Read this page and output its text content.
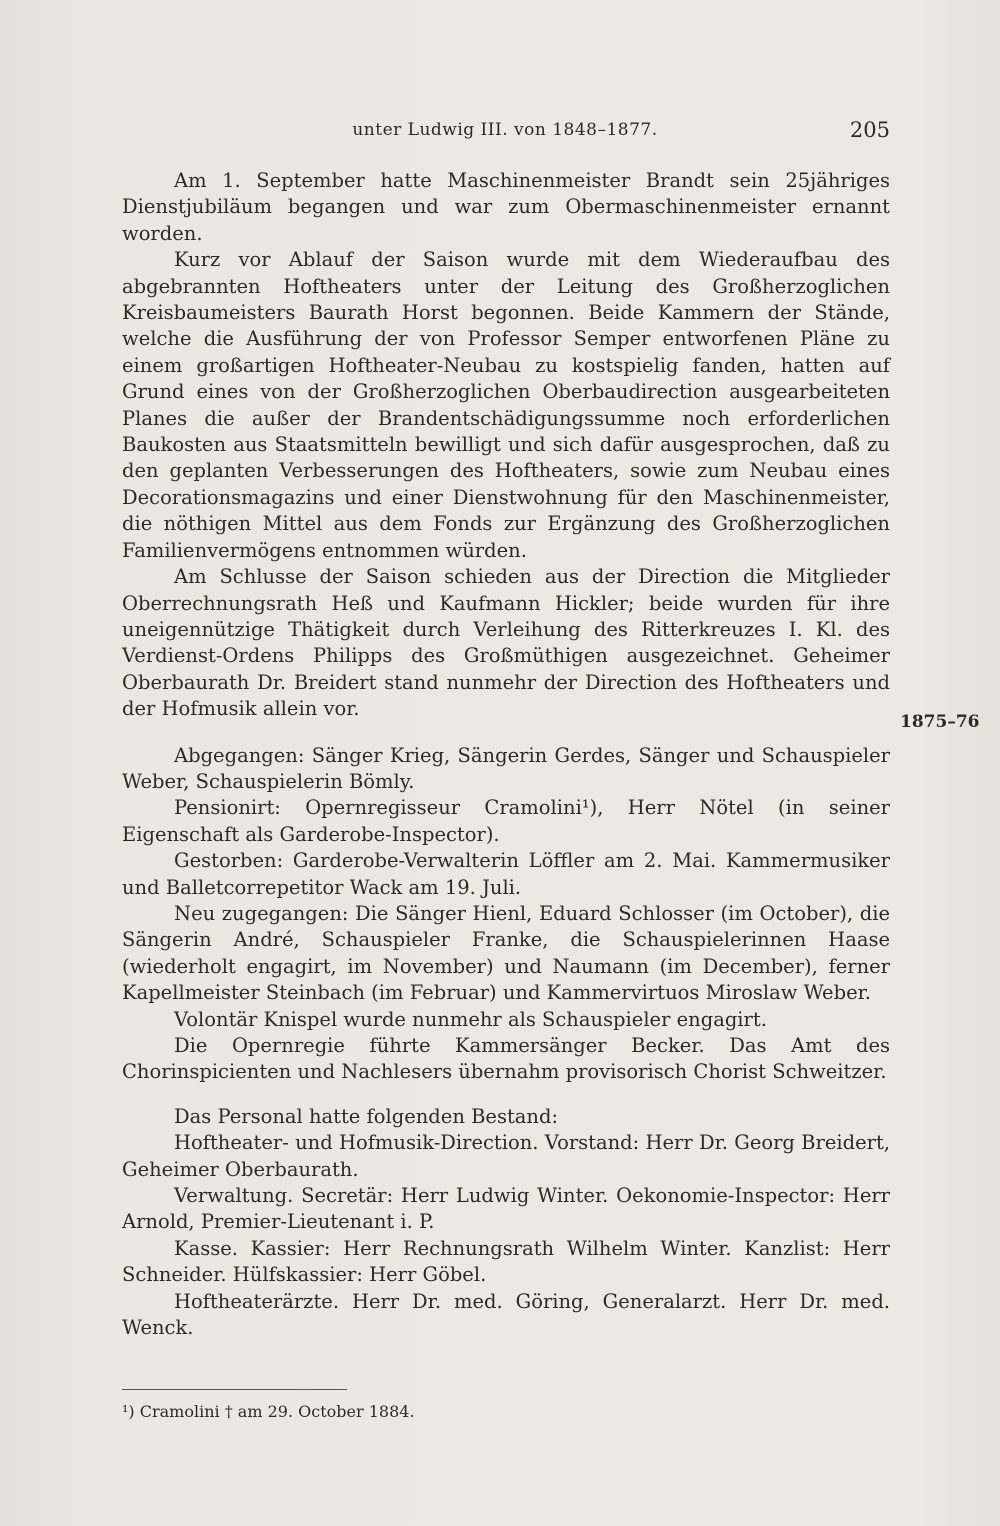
unter Ludwig III. von 1848–1877.	205
1875–76

Am 1. September hatte Maschinenmeister Brandt sein 25jähriges Dienstjubiläum begangen und war zum Obermaschinenmeister ernannt worden.

Kurz vor Ablauf der Saison wurde mit dem Wiederaufbau des abgebrannten Hoftheaters unter der Leitung des Großherzoglichen Kreisbaumeisters Baurath Horst begonnen. Beide Kammern der Stände, welche die Ausführung der von Professor Semper entworfenen Pläne zu einem großartigen Hoftheater-Neubau zu kostspielig fanden, hatten auf Grund eines von der Großherzoglichen Oberbaudirection ausgearbeiteten Planes die außer der Brandentschädigungssumme noch erforderlichen Baukosten aus Staatsmitteln bewilligt und sich dafür ausgesprochen, daß zu den geplanten Verbesserungen des Hoftheaters, sowie zum Neubau eines Decorationsmagazins und einer Dienstwohnung für den Maschinenmeister, die nöthigen Mittel aus dem Fonds zur Ergänzung des Großherzoglichen Familienvermögens entnommen würden.

Am Schlusse der Saison schieden aus der Direction die Mitglieder Oberrechnungsrath Heß und Kaufmann Hickler; beide wurden für ihre uneigennützige Thätigkeit durch Verleihung des Ritterkreuzes I. Kl. des Verdienst-Ordens Philipps des Großmüthigen ausgezeichnet. Geheimer Oberbaurath Dr. Breidert stand nunmehr der Direction des Hoftheaters und der Hofmusik allein vor.

Abgegangen: Sänger Krieg, Sängerin Gerdes, Sänger und Schauspieler Weber, Schauspielerin Bömly.

Pensionirt: Opernregisseur Cramolini¹), Herr Nötel (in seiner Eigenschaft als Garderobe-Inspector).

Gestorben: Garderobe-Verwalterin Löffler am 2. Mai. Kammermusiker und Balletcorrepetitor Wack am 19. Juli.

Neu zugegangen: Die Sänger Hienl, Eduard Schlosser (im October), die Sängerin André, Schauspieler Franke, die Schauspielerinnen Haase (wiederholt engagirt, im November) und Naumann (im December), ferner Kapellmeister Steinbach (im Februar) und Kammervirtuos Miroslaw Weber.

Volontär Knispel wurde nunmehr als Schauspieler engagirt.

Die Opernregie führte Kammersänger Becker. Das Amt des Chorinspicienten und Nachlesers übernahm provisorisch Chorist Schweitzer.

Das Personal hatte folgenden Bestand:

Hoftheater- und Hofmusik-Direction. Vorstand: Herr Dr. Georg Breidert, Geheimer Oberbaurath.

Verwaltung. Secretär: Herr Ludwig Winter. Oekonomie-Inspector: Herr Arnold, Premier-Lieutenant i. P.

Kasse. Kassier: Herr Rechnungsrath Wilhelm Winter. Kanzlist: Herr Schneider. Hülfskassier: Herr Göbel.

Hoftheaterärzte. Herr Dr. med. Göring, Generalarzt. Herr Dr. med. Wenck.

¹) Cramolini † am 29. October 1884.
